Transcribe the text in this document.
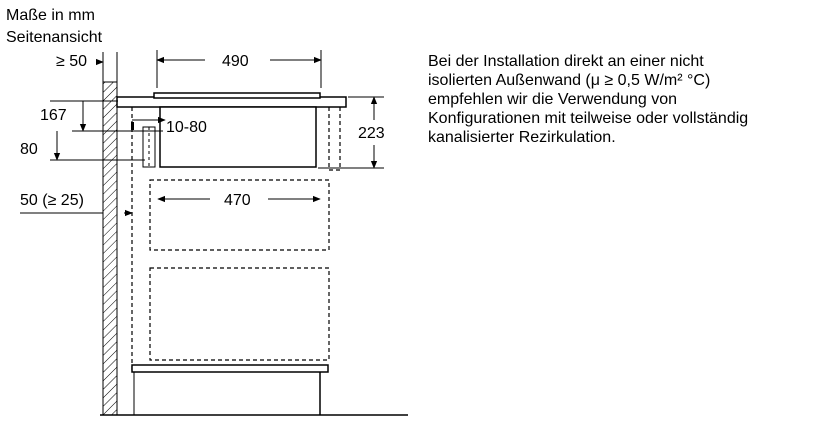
Maße in mm
Seitenansicht
≥ 50	490
167
10-80
80
223
470
50 (≥ 25)
Bei der Installation direkt an einer nicht
isolierten Außenwand (μ ≥ 0,5 W/m² °C)
empfehlen wir die Verwendung von
Konfigurationen mit teilweise oder vollständig
kanalisierter Rezirkulation.
